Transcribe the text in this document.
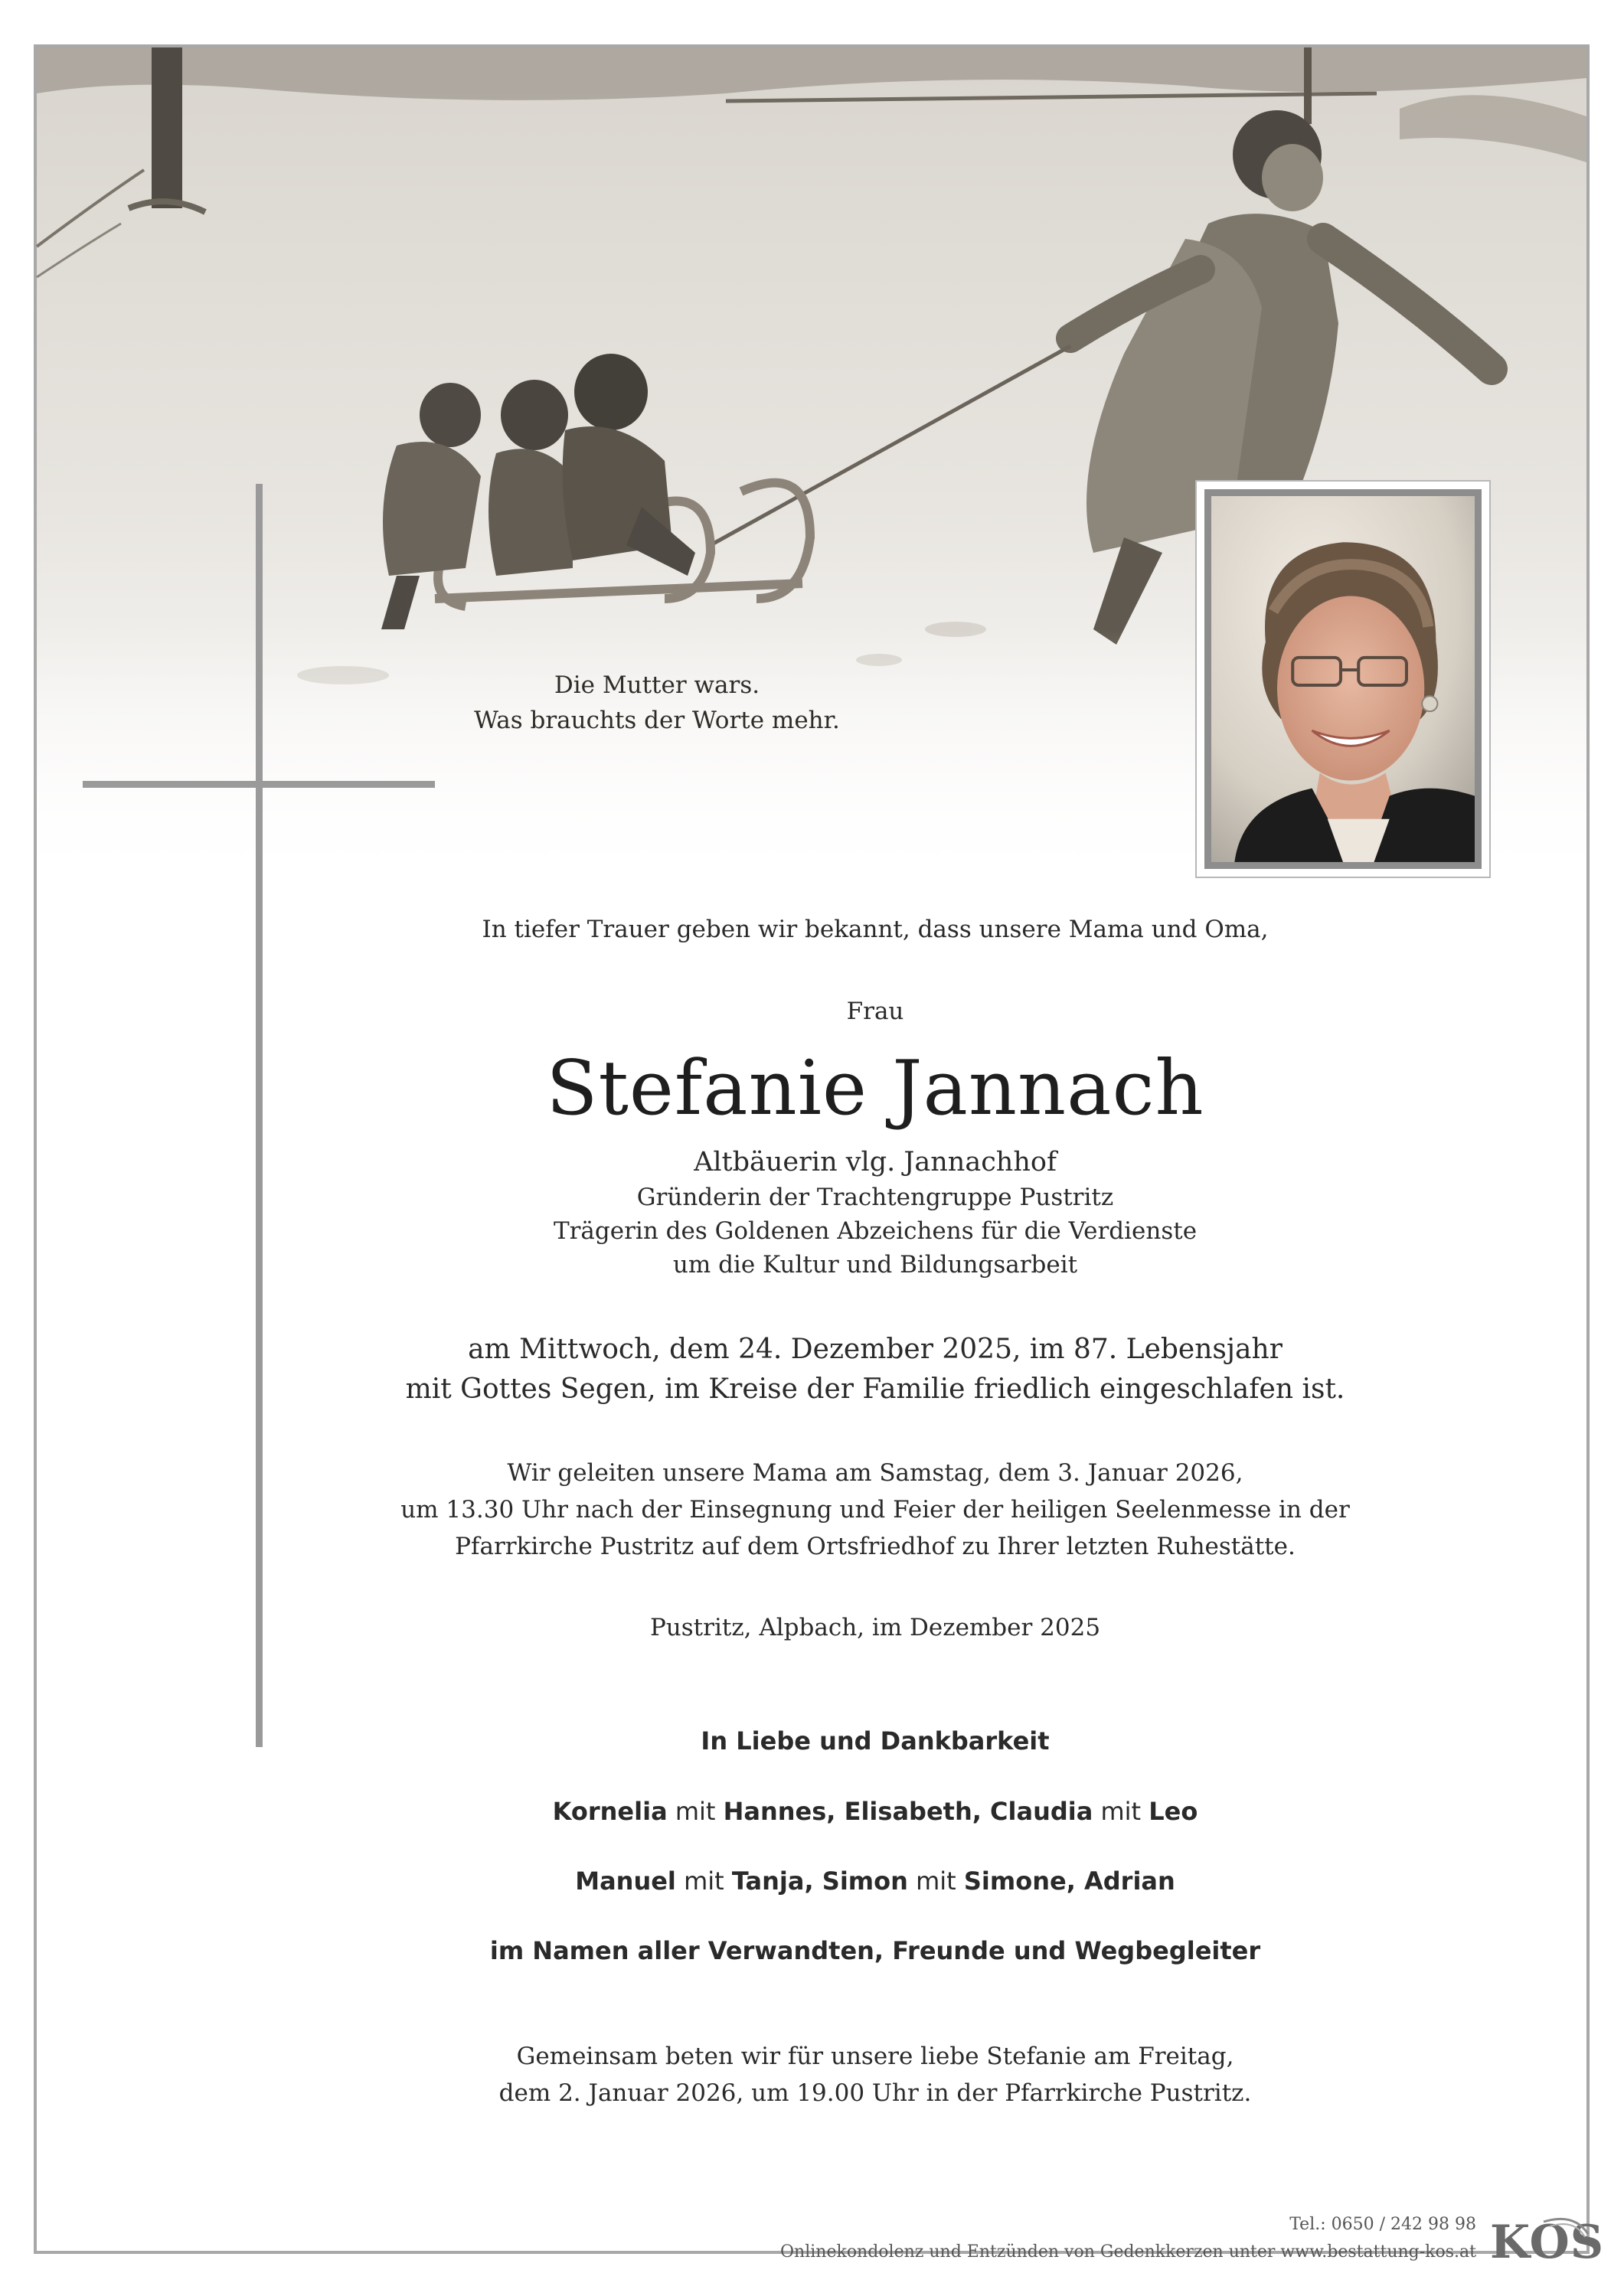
Die Mutter wars.
Was brauchts der Worte mehr.
In tiefer Trauer geben wir bekannt, dass unsere Mama und Oma,
Frau
Stefanie Jannach
Altbäuerin vlg. Jannachhof
Gründerin der Trachtengruppe Pustritz
Trägerin des Goldenen Abzeichens für die Verdienste
um die Kultur und Bildungsarbeit
am Mittwoch, dem 24. Dezember 2025, im 87. Lebensjahr
mit Gottes Segen, im Kreise der Familie friedlich eingeschlafen ist.
Wir geleiten unsere Mama am Samstag, dem 3. Januar 2026,
um 13.30 Uhr nach der Einsegnung und Feier der heiligen Seelenmesse in der
Pfarrkirche Pustritz auf dem Ortsfriedhof zu Ihrer letzten Ruhestätte.
Pustritz, Alpbach, im Dezember 2025
In Liebe und Dankbarkeit
Kornelia mit Hannes, Elisabeth, Claudia mit Leo
Manuel mit Tanja, Simon mit Simone, Adrian
im Namen aller Verwandten, Freunde und Wegbegleiter
Gemeinsam beten wir für unsere liebe Stefanie am Freitag,
dem 2. Januar 2026, um 19.00 Uhr in der Pfarrkirche Pustritz.
Tel.: 0650 / 242 98 98
Onlinekondolenz und Entzünden von Gedenkkerzen unter www.bestattung-kos.at KOS
